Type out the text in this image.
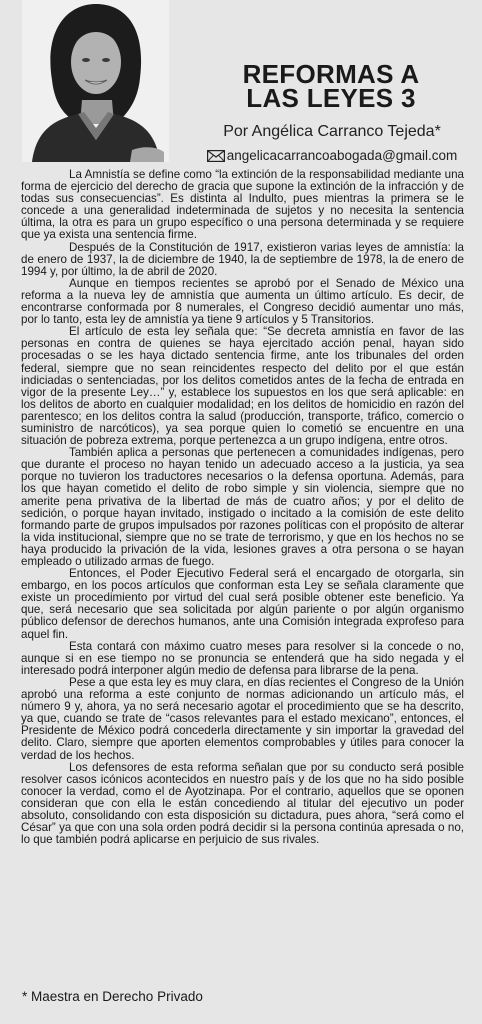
REFORMAS A
LAS LEYES 3
Por Angélica Carranco Tejeda*
angelicacarrancoabogada@gmail.com

La Amnistía se define como “la extinción de la responsabilidad mediante una forma de ejercicio del derecho de gracia que supone la extinción de la infracción y de todas sus consecuencias”. Es distinta al Indulto, pues mientras la primera se le concede a una generalidad indeterminada de sujetos y no necesita la sentencia última, la otra es para un grupo específico o una persona determinada y se requiere que ya exista una sentencia firme.

Después de la Constitución de 1917, existieron varias leyes de amnistía: la de enero de 1937, la de diciembre de 1940, la de septiembre de 1978, la de enero de 1994 y, por último, la de abril de 2020.

Aunque en tiempos recientes se aprobó por el Senado de México una reforma a la nueva ley de amnistía que aumenta un último artículo. Es decir, de encontrarse conformada por 8 numerales, el Congreso decidió aumentar uno más, por lo tanto, esta ley de amnistía ya tiene 9 artículos y 5 Transitorios.

El artículo de esta ley señala que: “Se decreta amnistía en favor de las personas en contra de quienes se haya ejercitado acción penal, hayan sido procesadas o se les haya dictado sentencia firme, ante los tribunales del orden federal, siempre que no sean reincidentes respecto del delito por el que están indiciadas o sentenciadas, por los delitos cometidos antes de la fecha de entrada en vigor de la presente Ley…” y, establece los supuestos en los que será aplicable: en los delitos de aborto en cualquier modalidad; en los delitos de homicidio en razón del parentesco; en los delitos contra la salud (producción, transporte, tráfico, comercio o suministro de narcóticos), ya sea porque quien lo cometió se encuentre en una situación de pobreza extrema, porque pertenezca a un grupo indígena, entre otros.

También aplica a personas que pertenecen a comunidades indígenas, pero que durante el proceso no hayan tenido un adecuado acceso a la justicia, ya sea porque no tuvieron los traductores necesarios o la defensa oportuna. Además, para los que hayan cometido el delito de robo simple y sin violencia, siempre que no amerite pena privativa de la libertad de más de cuatro años; y por el delito de sedición, o porque hayan invitado, instigado o incitado a la comisión de este delito formando parte de grupos impulsados por razones políticas con el propósito de alterar la vida institucional, siempre que no se trate de terrorismo, y que en los hechos no se haya producido la privación de la vida, lesiones graves a otra persona o se hayan empleado o utilizado armas de fuego.

Entonces, el Poder Ejecutivo Federal será el encargado de otorgarla, sin embargo, en los pocos artículos que conforman esta Ley se señala claramente que existe un procedimiento por virtud del cual será posible obtener este beneficio. Ya que, será necesario que sea solicitada por algún pariente o por algún organismo público defensor de derechos humanos, ante una Comisión integrada exprofeso para aquel fin.

Esta contará con máximo cuatro meses para resolver si la concede o no, aunque si en ese tiempo no se pronuncia se entenderá que ha sido negada y el interesado podrá interponer algún medio de defensa para librarse de la pena.

Pese a que esta ley es muy clara, en días recientes el Congreso de la Unión aprobó una reforma a este conjunto de normas adicionando un artículo más, el número 9 y, ahora, ya no será necesario agotar el procedimiento que se ha descrito, ya que, cuando se trate de “casos relevantes para el estado mexicano”, entonces, el Presidente de México podrá concederla directamente y sin importar la gravedad del delito. Claro, siempre que aporten elementos comprobables y útiles para conocer la verdad de los hechos.

Los defensores de esta reforma señalan que por su conducto será posible resolver casos icónicos acontecidos en nuestro país y de los que no ha sido posible conocer la verdad, como el de Ayotzinapa. Por el contrario, aquellos que se oponen consideran que con ella le están concediendo al titular del ejecutivo un poder absoluto, consolidando con esta disposición su dictadura, pues ahora, “será como el César” ya que con una sola orden podrá decidir si la persona continúa apresada o no, lo que también podrá aplicarse en perjuicio de sus rivales.

* Maestra en Derecho Privado
